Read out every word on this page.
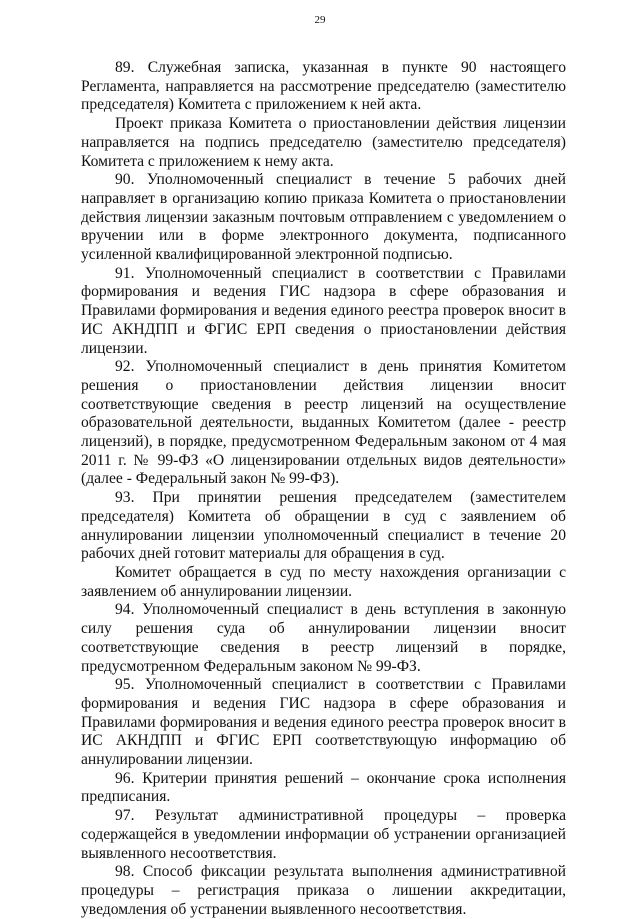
29

89. Служебная записка, указанная в пункте 90 настоящего Регламента, направляется на рассмотрение председателю (заместителю председателя) Комитета с приложением к ней акта.

Проект приказа Комитета о приостановлении действия лицензии направляется на подпись председателю (заместителю председателя) Комитета с приложением к нему акта.

90. Уполномоченный специалист в течение 5 рабочих дней направляет в организацию копию приказа Комитета о приостановлении действия лицензии заказным почтовым отправлением с уведомлением о вручении или в форме электронного документа, подписанного усиленной квалифицированной электронной подписью.

91. Уполномоченный специалист в соответствии с Правилами формирования и ведения ГИС надзора в сфере образования и Правилами формирования и ведения единого реестра проверок вносит в ИС АКНДПП и ФГИС ЕРП сведения о приостановлении действия лицензии.

92. Уполномоченный специалист в день принятия Комитетом решения о приостановлении действия лицензии вносит соответствующие сведения в реестр лицензий на осуществление образовательной деятельности, выданных Комитетом (далее - реестр лицензий), в порядке, предусмотренном Федеральным законом от 4 мая 2011 г. № 99-ФЗ «О лицензировании отдельных видов деятельности» (далее - Федеральный закон № 99-ФЗ).

93. При принятии решения председателем (заместителем председателя) Комитета об обращении в суд с заявлением об аннулировании лицензии уполномоченный специалист в течение 20 рабочих дней готовит материалы для обращения в суд.

Комитет обращается в суд по месту нахождения организации с заявлением об аннулировании лицензии.

94. Уполномоченный специалист в день вступления в законную силу решения суда об аннулировании лицензии вносит соответствующие сведения в реестр лицензий в порядке, предусмотренном Федеральным законом № 99-ФЗ.

95. Уполномоченный специалист в соответствии с Правилами формирования и ведения ГИС надзора в сфере образования и Правилами формирования и ведения единого реестра проверок вносит в ИС АКНДПП и ФГИС ЕРП соответствующую информацию об аннулировании лицензии.

96. Критерии принятия решений – окончание срока исполнения предписания.

97. Результат административной процедуры – проверка содержащейся в уведомлении информации об устранении организацией выявленного несоответствия.

98. Способ фиксации результата выполнения административной процедуры – регистрация приказа о лишении аккредитации, уведомления об устранении выявленного несоответствия.
